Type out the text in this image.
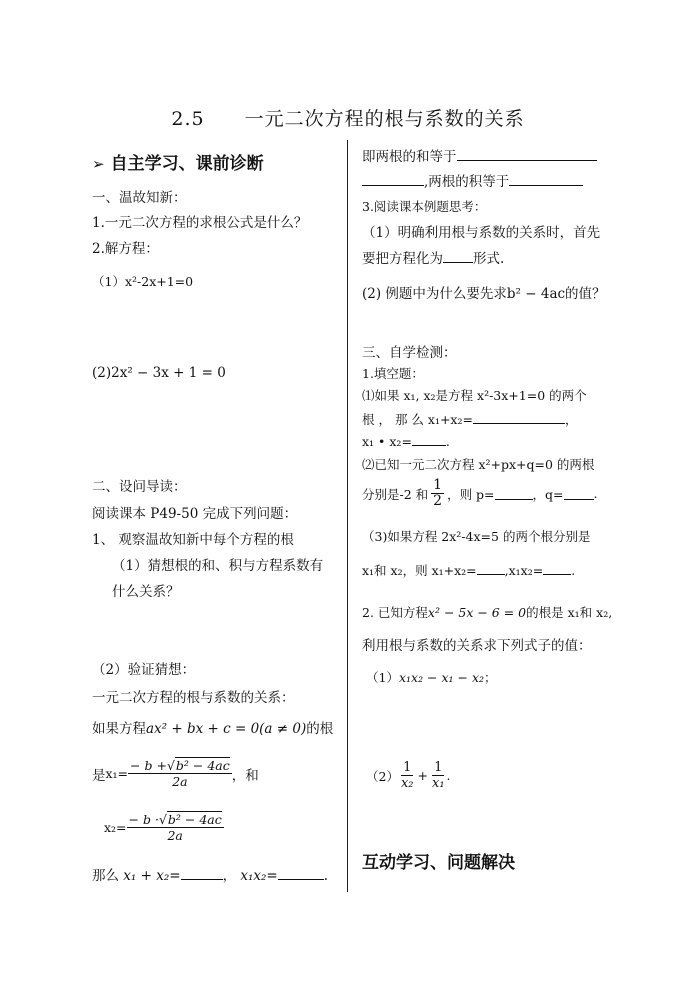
2.5　　一元二次方程的根与系数的关系
➢ 自主学习、课前诊断
一、温故知新：
1.一元二次方程的求根公式是什么？
2.解方程：
（1）x²-2x+1=0
(2)2x² − 3x + 1 = 0
二、设问导读：
阅读课本 P49-50 完成下列问题：
1、 观察温故知新中每个方程的根
（1）猜想根的和、积与方程系数有
什么关系？
（2）验证猜想：
一元二次方程的根与系数的关系：
如果方程ax² + bx + c = 0(a ≠ 0)的根
是 $x_1= \frac{\text{− b +√b² − 4ac}}{2a}$ ，和
$x_2= \frac{\text{− b ·√b² − 4ac}}{2a}$
那么 x₁ + x₂=	， x₁x₂=	.
即两根的和等于
,两根的积等于
3.阅读课本例题思考：
（1）明确利用根与系数的关系时，首先
要把方程化为 形式.
(2) 例题中为什么要先求b² − 4ac的值？
三、自学检测：
1.填空题：
⑴如果 x₁, x₂是方程 x²-3x+1=0 的两个
根 ， 那 么 x₁+x₂=	，
x₁ • x₂=	.
⑵已知一元二次方程 x²+px+q=0 的两根
分别是-2 和 $\frac{1}{2}$ ，则 p=	，q= .
（3)如果方程 2x²-4x=5 的两个根分别是
x₁和 x₂，则 x₁+x₂= ,x₁x₂= .
2. 已知方程x² − 5x − 6 = 0的根是 x₁和 x₂,
利用根与系数的关系求下列式子的值：
（1）x₁x₂ − x₁ − x₂；
$(2) \frac{1}{\text{x₂}} + \frac{1}{\text{x₁}}$ .
互动学习、问题解决
